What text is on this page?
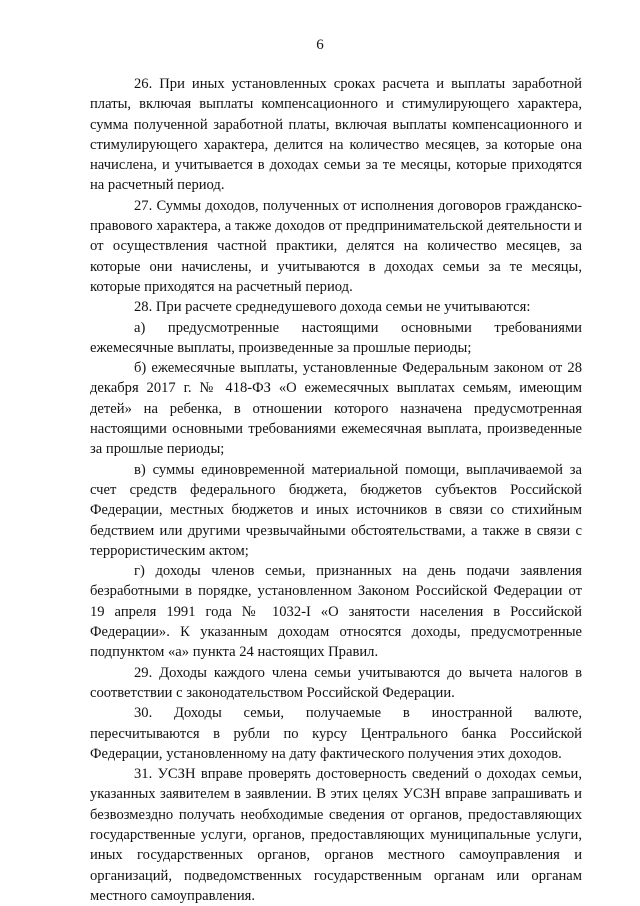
6

26. При иных установленных сроках расчета и выплаты заработной платы, включая выплаты компенсационного и стимулирующего характера, сумма полученной заработной платы, включая выплаты компенсационного и стимулирующего характера, делится на количество месяцев, за которые она начислена, и учитывается в доходах семьи за те месяцы, которые приходятся на расчетный период.

27. Суммы доходов, полученных от исполнения договоров гражданско-правового характера, а также доходов от предпринимательской деятельности и от осуществления частной практики, делятся на количество месяцев, за которые они начислены, и учитываются в доходах семьи за те месяцы, которые приходятся на расчетный период.

28. При расчете среднедушевого дохода семьи не учитываются:

а) предусмотренные настоящими основными требованиями ежемесячные выплаты, произведенные за прошлые периоды;

б) ежемесячные выплаты, установленные Федеральным законом от 28 декабря 2017 г. № 418-ФЗ «О ежемесячных выплатах семьям, имеющим детей» на ребенка, в отношении которого назначена предусмотренная настоящими основными требованиями ежемесячная выплата, произведенные за прошлые периоды;

в) суммы единовременной материальной помощи, выплачиваемой за счет средств федерального бюджета, бюджетов субъектов Российской Федерации, местных бюджетов и иных источников в связи со стихийным бедствием или другими чрезвычайными обстоятельствами, а также в связи с террористическим актом;

г) доходы членов семьи, признанных на день подачи заявления безработными в порядке, установленном Законом Российской Федерации от 19 апреля 1991 года № 1032-I «О занятости населения в Российской Федерации». К указанным доходам относятся доходы, предусмотренные подпунктом «а» пункта 24 настоящих Правил.

29. Доходы каждого члена семьи учитываются до вычета налогов в соответствии с законодательством Российской Федерации.

30. Доходы семьи, получаемые в иностранной валюте, пересчитываются в рубли по курсу Центрального банка Российской Федерации, установленному на дату фактического получения этих доходов.

31. УСЗН вправе проверять достоверность сведений о доходах семьи, указанных заявителем в заявлении. В этих целях УСЗН вправе запрашивать и безвозмездно получать необходимые сведения от органов, предоставляющих государственные услуги, органов, предоставляющих муниципальные услуги, иных государственных органов, органов местного самоуправления и организаций, подведомственных государственным органам или органам местного самоуправления.
